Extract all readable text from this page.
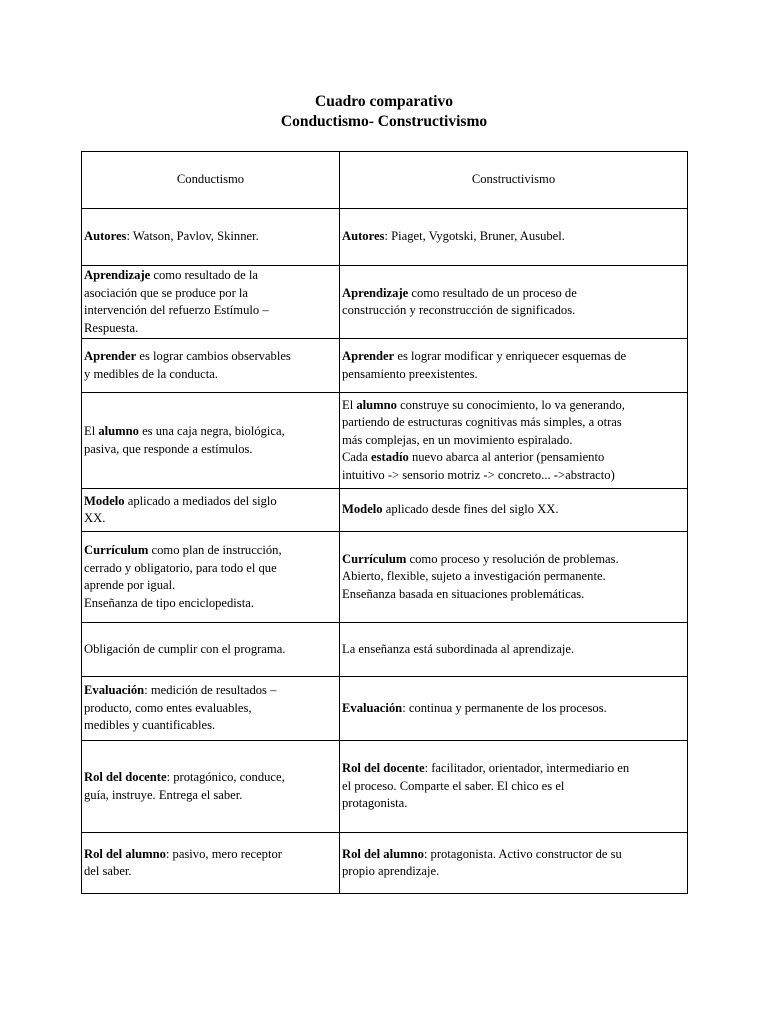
Cuadro comparativo
Conductismo- Constructivismo
Conductismo	Constructivismo

Autores: Watson, Pavlov, Skinner.	Autores: Piaget, Vygotski, Bruner, Ausubel.

Aprendizaje como resultado de la
asociación que se produce por la
intervención del refuerzo Estímulo –
Respuesta.	Aprendizaje como resultado de un proceso de
construcción y reconstrucción de significados.

Aprender es lograr cambios observables
y medibles de la conducta.	Aprender es lograr modificar y enriquecer esquemas de
pensamiento preexistentes.

El alumno es una caja negra, biológica,
pasiva, que responde a estímulos.	El alumno construye su conocimiento, lo va generando,
partiendo de estructuras cognitivas más simples, a otras
más complejas, en un movimiento espiralado.
Cada estadío nuevo abarca al anterior (pensamiento
intuitivo -> sensorio motriz -> concreto... ->abstracto)

Modelo aplicado a mediados del siglo
XX.	Modelo aplicado desde fines del siglo XX.

Currículum como plan de instrucción,
cerrado y obligatorio, para todo el que
aprende por igual.
Enseñanza de tipo enciclopedista.	Currículum como proceso y resolución de problemas.
Abierto, flexible, sujeto a investigación permanente.
Enseñanza basada en situaciones problemáticas.

Obligación de cumplir con el programa.	La enseñanza está subordinada al aprendizaje.

Evaluación: medición de resultados –
producto, como entes evaluables,
medibles y cuantificables.	Evaluación: continua y permanente de los procesos.

Rol del docente: protagónico, conduce,
guía, instruye. Entrega el saber.	Rol del docente: facilitador, orientador, intermediario en
el proceso. Comparte el saber. El chico es el
protagonista.

Rol del alumno: pasivo, mero receptor
del saber.	Rol del alumno: protagonista. Activo constructor de su
propio aprendizaje.
